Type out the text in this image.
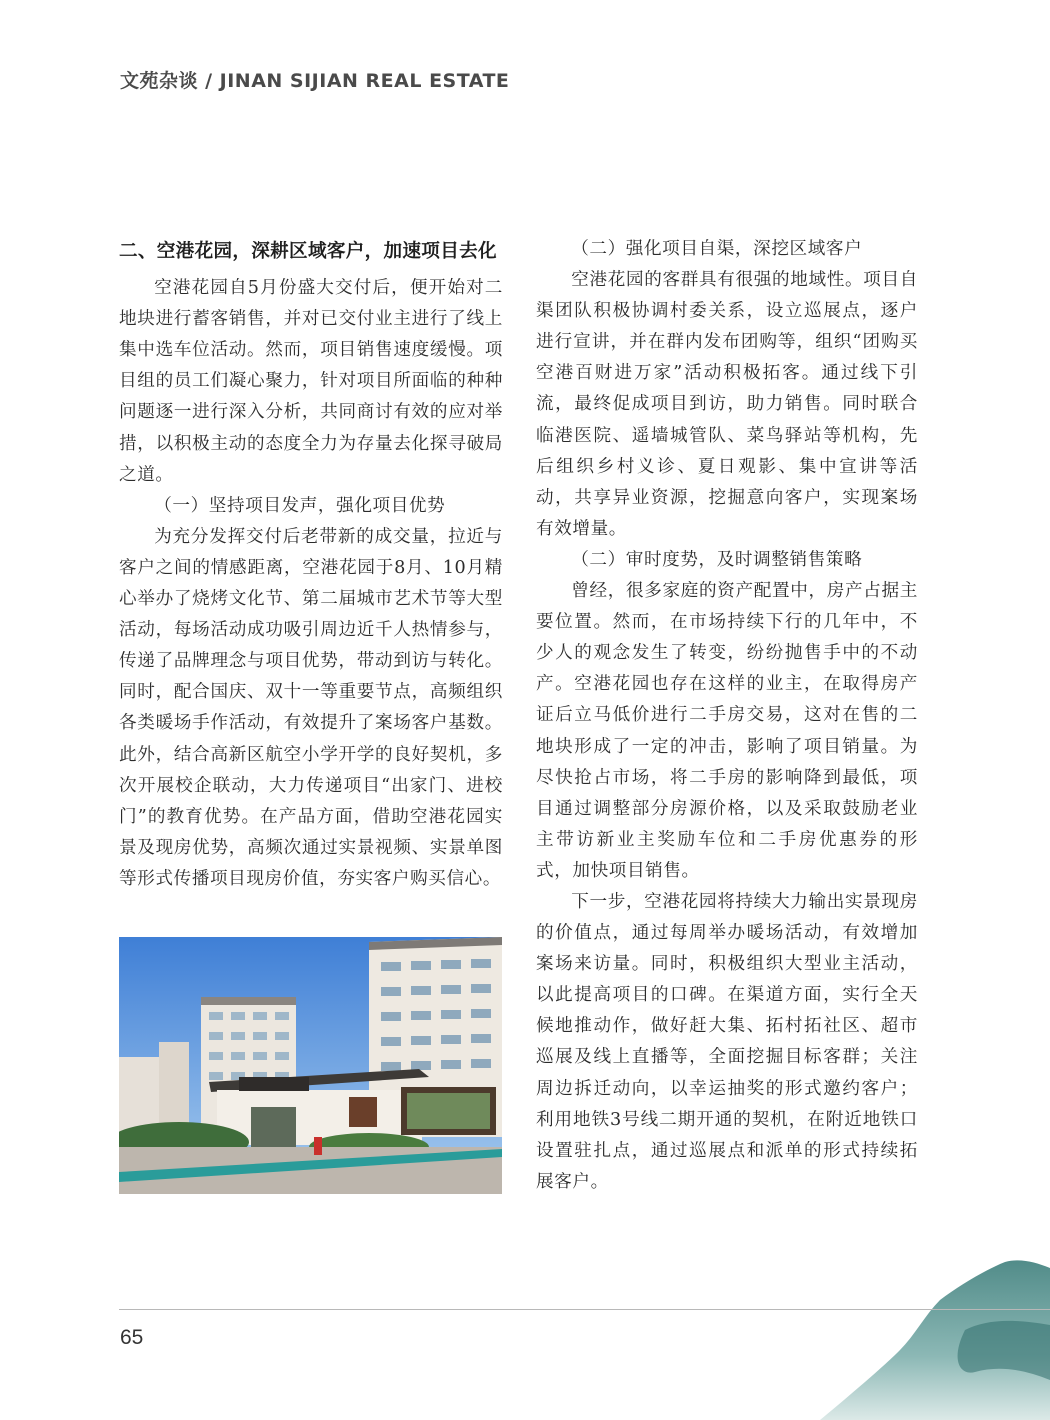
文苑杂谈 / JINAN SIJIAN REAL ESTATE
二、空港花园，深耕区域客户，加速项目去化

空港花园自5月份盛大交付后，便开始对二地块进行蓄客销售，并对已交付业主进行了线上集中选车位活动。然而，项目销售速度缓慢。项目组的员工们凝心聚力，针对项目所面临的种种问题逐一进行深入分析，共同商讨有效的应对举措，以积极主动的态度全力为存量去化探寻破局之道。

（一）坚持项目发声，强化项目优势

为充分发挥交付后老带新的成交量，拉近与客户之间的情感距离，空港花园于8月、10月精心举办了烧烤文化节、第二届城市艺术节等大型活动，每场活动成功吸引周边近千人热情参与，传递了品牌理念与项目优势，带动到访与转化。同时，配合国庆、双十一等重要节点，高频组织各类暖场手作活动，有效提升了案场客户基数。此外，结合高新区航空小学开学的良好契机，多次开展校企联动，大力传递项目“出家门、进校门”的教育优势。在产品方面，借助空港花园实景及现房优势，高频次通过实景视频、实景单图等形式传播项目现房价值，夯实客户购买信心。

（二）强化项目自渠，深挖区域客户

空港花园的客群具有很强的地域性。项目自渠团队积极协调村委关系，设立巡展点，逐户进行宣讲，并在群内发布团购等，组织“团购买空港百财进万家”活动积极拓客。通过线下引流，最终促成项目到访，助力销售。同时联合临港医院、遥墙城管队、菜鸟驿站等机构，先后组织乡村义诊、夏日观影、集中宣讲等活动，共享异业资源，挖掘意向客户，实现案场有效增量。

（二）审时度势，及时调整销售策略

曾经，很多家庭的资产配置中，房产占据主要位置。然而，在市场持续下行的几年中，不少人的观念发生了转变，纷纷抛售手中的不动产。空港花园也存在这样的业主，在取得房产证后立马低价进行二手房交易，这对在售的二地块形成了一定的冲击，影响了项目销量。为尽快抢占市场，将二手房的影响降到最低，项目通过调整部分房源价格，以及采取鼓励老业主带访新业主奖励车位和二手房优惠券的形式，加快项目销售。

下一步，空港花园将持续大力输出实景现房的价值点，通过每周举办暖场活动，有效增加案场来访量。同时，积极组织大型业主活动，以此提高项目的口碑。在渠道方面，实行全天候地推动作，做好赶大集、拓村拓社区、超市巡展及线上直播等，全面挖掘目标客群；关注周边拆迁动向，以幸运抽奖的形式邀约客户；利用地铁3号线二期开通的契机，在附近地铁口设置驻扎点，通过巡展点和派单的形式持续拓展客户。

65
